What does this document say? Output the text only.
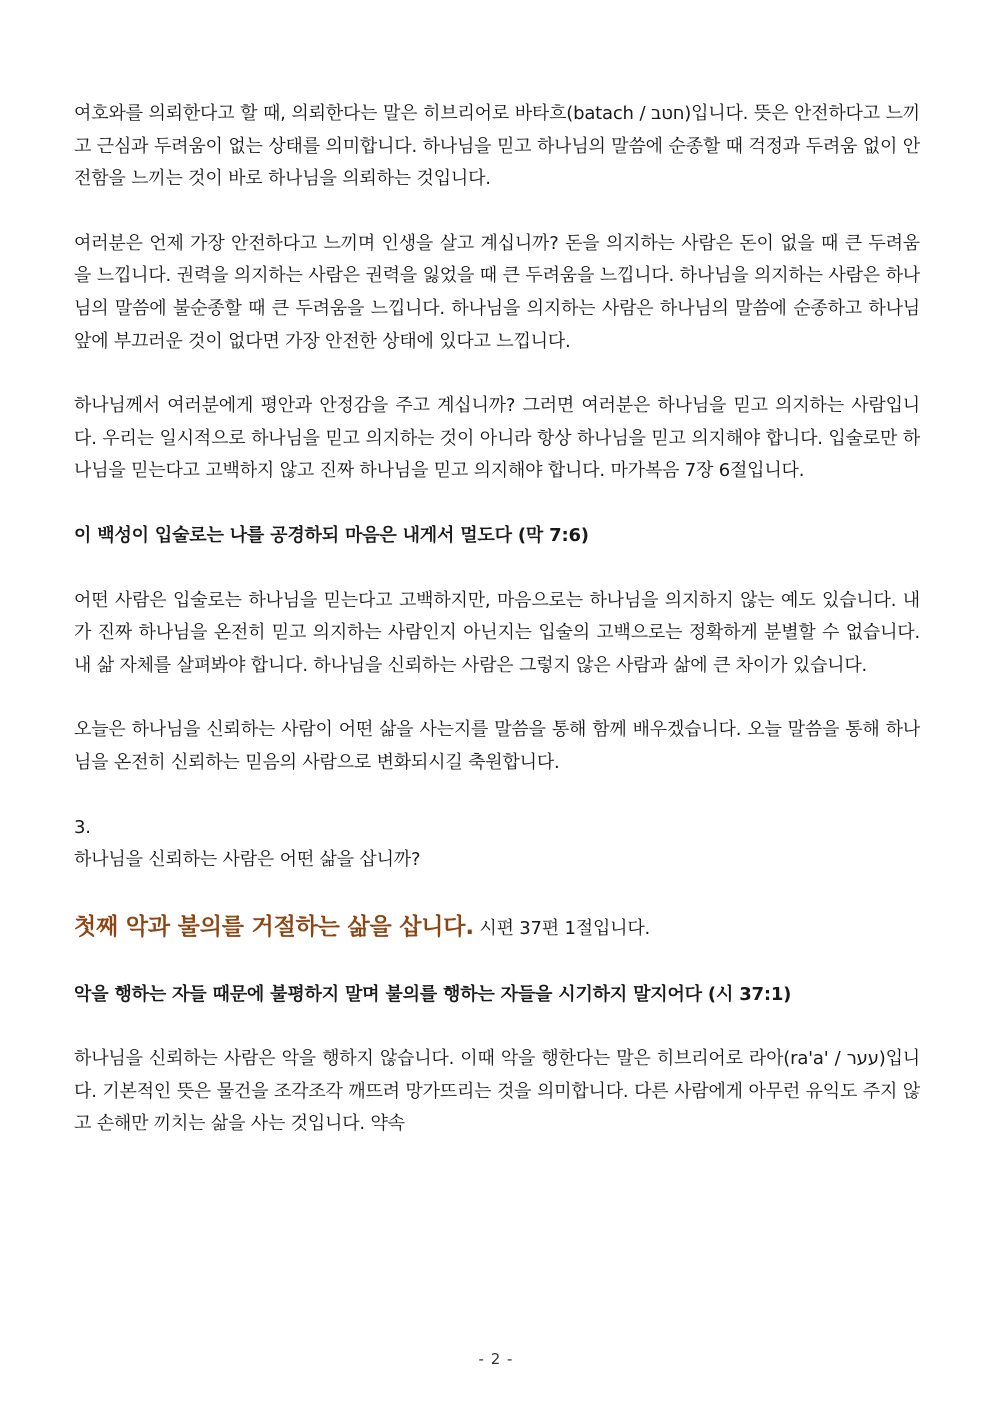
여호와를 의뢰한다고 할 때, 의뢰한다는 말은 히브리어로 바타흐(batach / חטב)입니다. 뜻은 안전하다고 느끼고 근심과 두려움이 없는 상태를 의미합니다. 하나님을 믿고 하나님의 말씀에 순종할 때 걱정과 두려움 없이 안전함을 느끼는 것이 바로 하나님을 의뢰하는 것입니다.

여러분은 언제 가장 안전하다고 느끼며 인생을 살고 계십니까? 돈을 의지하는 사람은 돈이 없을 때 큰 두려움을 느낍니다. 권력을 의지하는 사람은 권력을 잃었을 때 큰 두려움을 느낍니다. 하나님을 의지하는 사람은 하나님의 말씀에 불순종할 때 큰 두려움을 느낍니다. 하나님을 의지하는 사람은 하나님의 말씀에 순종하고 하나님 앞에 부끄러운 것이 없다면 가장 안전한 상태에 있다고 느낍니다.

하나님께서 여러분에게 평안과 안정감을 주고 계십니까? 그러면 여러분은 하나님을 믿고 의지하는 사람입니다. 우리는 일시적으로 하나님을 믿고 의지하는 것이 아니라 항상 하나님을 믿고 의지해야 합니다. 입술로만 하나님을 믿는다고 고백하지 않고 진짜 하나님을 믿고 의지해야 합니다. 마가복음 7장 6절입니다.

이 백성이 입술로는 나를 공경하되 마음은 내게서 멀도다 (막 7:6)

어떤 사람은 입술로는 하나님을 믿는다고 고백하지만, 마음으로는 하나님을 의지하지 않는 예도 있습니다. 내가 진짜 하나님을 온전히 믿고 의지하는 사람인지 아닌지는 입술의 고백으로는 정확하게 분별할 수 없습니다. 내 삶 자체를 살펴봐야 합니다. 하나님을 신뢰하는 사람은 그렇지 않은 사람과 삶에 큰 차이가 있습니다.

오늘은 하나님을 신뢰하는 사람이 어떤 삶을 사는지를 말씀을 통해 함께 배우겠습니다. 오늘 말씀을 통해 하나님을 온전히 신뢰하는 믿음의 사람으로 변화되시길 축원합니다.

3.

하나님을 신뢰하는 사람은 어떤 삶을 삽니까?

첫째 악과 불의를 거절하는 삶을 삽니다. 시편 37편 1절입니다.

악을 행하는 자들 때문에 불평하지 말며 불의를 행하는 자들을 시기하지 말지어다 (시 37:1)

하나님을 신뢰하는 사람은 악을 행하지 않습니다. 이때 악을 행한다는 말은 히브리어로 라아(ra'a' / עער)입니다. 기본적인 뜻은 물건을 조각조각 깨뜨려 망가뜨리는 것을 의미합니다. 다른 사람에게 아무런 유익도 주지 않고 손해만 끼치는 삶을 사는 것입니다. 약속

- 2 -
